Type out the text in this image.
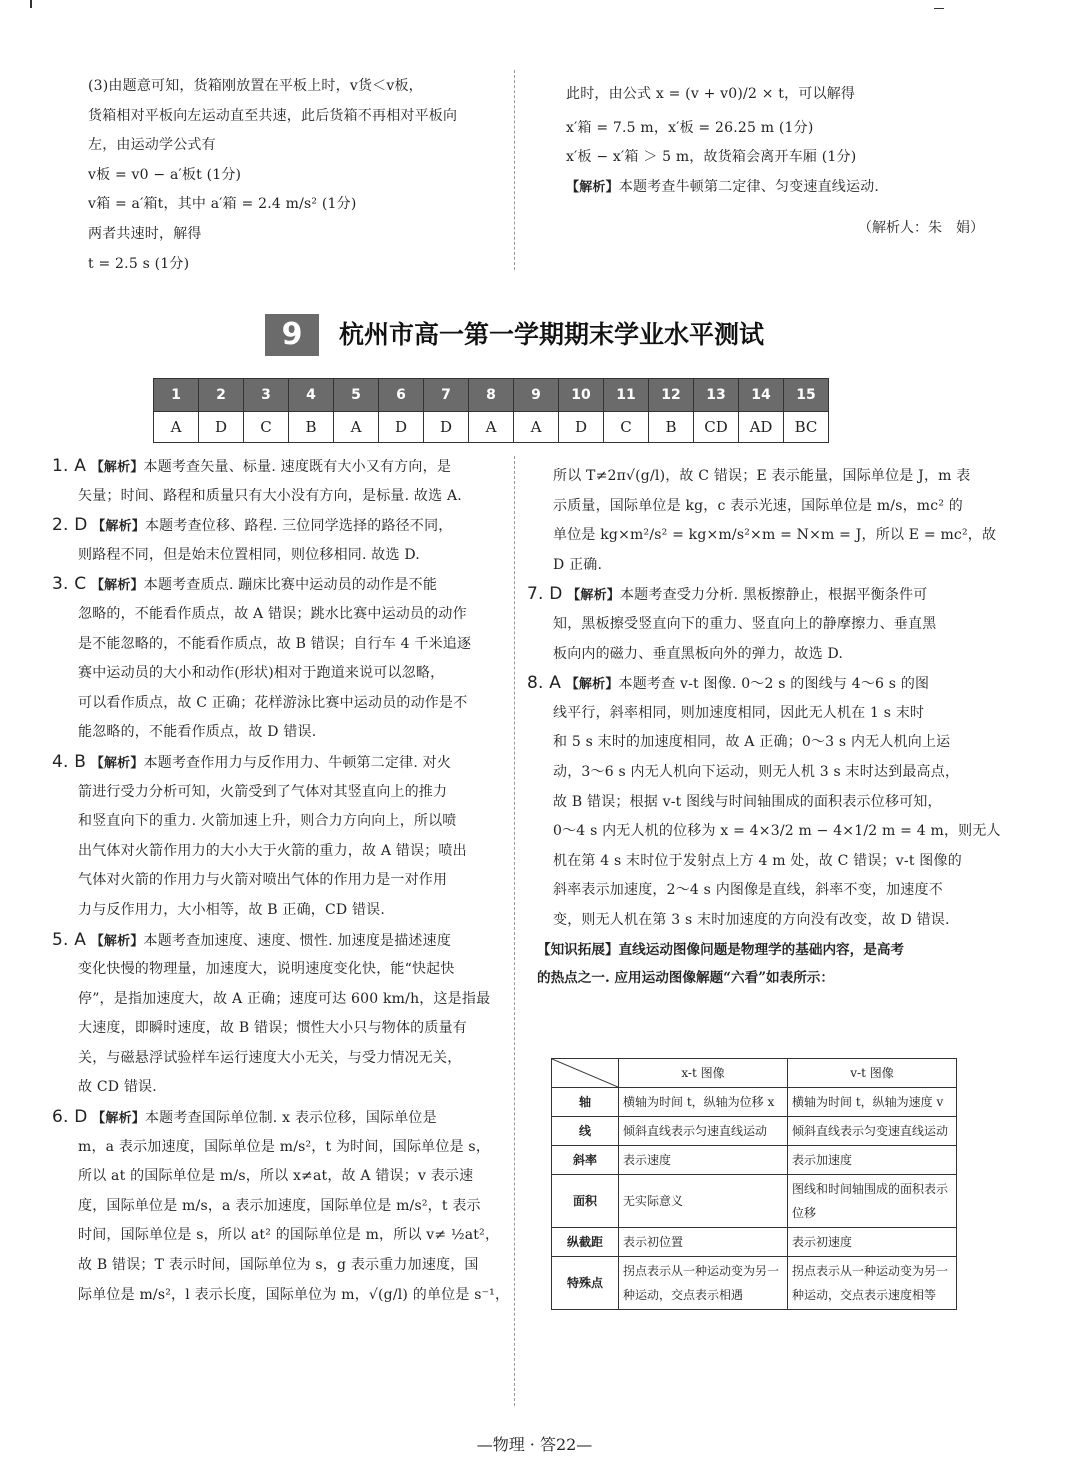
(3)由题意可知，货箱刚放置在平板上时，v货＜v板，
货箱相对平板向左运动直至共速，此后货箱不再相对平板向
左，由运动学公式有
v板 = v0 − a′板t (1分)
v箱 = a′箱t，其中 a′箱 = 2.4 m/s² (1分)
两者共速时，解得
t = 2.5 s (1分)
此时，由公式 x = (v + v0)/2 × t，可以解得
x′箱 = 7.5 m，x′板 = 26.25 m (1分)
x′板 − x′箱 ＞ 5 m，故货箱会离开车厢 (1分)
【解析】本题考查牛顿第二定律、匀变速直线运动.
（解析人：朱　娟）
9	杭州市高一第一学期期末学业水平测试
1	2	3	4	5	6	7	8	9	10	11	12	13	14	15
A	D	C	B	A	D	D	A	A	D	C	B	CD	AD	BC
1. A 【解析】本题考查矢量、标量. 速度既有大小又有方向，是
矢量；时间、路程和质量只有大小没有方向，是标量. 故选 A.
2. D 【解析】本题考查位移、路程. 三位同学选择的路径不同，
则路程不同，但是始末位置相同，则位移相同. 故选 D.
3. C 【解析】本题考查质点. 蹦床比赛中运动员的动作是不能
忽略的，不能看作质点，故 A 错误；跳水比赛中运动员的动作
是不能忽略的，不能看作质点，故 B 错误；自行车 4 千米追逐
赛中运动员的大小和动作(形状)相对于跑道来说可以忽略，
可以看作质点，故 C 正确；花样游泳比赛中运动员的动作是不
能忽略的，不能看作质点，故 D 错误.
4. B 【解析】本题考查作用力与反作用力、牛顿第二定律. 对火
箭进行受力分析可知，火箭受到了气体对其竖直向上的推力
和竖直向下的重力. 火箭加速上升，则合力方向向上，所以喷
出气体对火箭作用力的大小大于火箭的重力，故 A 错误；喷出
气体对火箭的作用力与火箭对喷出气体的作用力是一对作用
力与反作用力，大小相等，故 B 正确，CD 错误.
5. A 【解析】本题考查加速度、速度、惯性. 加速度是描述速度
变化快慢的物理量，加速度大，说明速度变化快，能“快起快
停”，是指加速度大，故 A 正确；速度可达 600 km/h，这是指最
大速度，即瞬时速度，故 B 错误；惯性大小只与物体的质量有
关，与磁悬浮试验样车运行速度大小无关，与受力情况无关，
故 CD 错误.
6. D 【解析】本题考查国际单位制. x 表示位移，国际单位是
m，a 表示加速度，国际单位是 m/s²，t 为时间，国际单位是 s，
所以 at 的国际单位是 m/s，所以 x≠at，故 A 错误；v 表示速
度，国际单位是 m/s，a 表示加速度，国际单位是 m/s²，t 表示
时间，国际单位是 s，所以 at² 的国际单位是 m，所以 v≠ ½at²，
故 B 错误；T 表示时间，国际单位为 s，g 表示重力加速度，国
际单位是 m/s²，l 表示长度，国际单位为 m，√(g/l) 的单位是 s⁻¹，
所以 T≠2π√(g/l)，故 C 错误；E 表示能量，国际单位是 J，m 表
示质量，国际单位是 kg，c 表示光速，国际单位是 m/s，mc² 的
单位是 kg×m²/s² = kg×m/s²×m = N×m = J，所以 E = mc²，故
D 正确.
7. D 【解析】本题考查受力分析. 黑板擦静止，根据平衡条件可
知，黑板擦受竖直向下的重力、竖直向上的静摩擦力、垂直黑
板向内的磁力、垂直黑板向外的弹力，故选 D.
8. A 【解析】本题考查 v-t 图像. 0～2 s 的图线与 4～6 s 的图
线平行，斜率相同，则加速度相同，因此无人机在 1 s 末时
和 5 s 末时的加速度相同，故 A 正确；0～3 s 内无人机向上运
动，3～6 s 内无人机向下运动，则无人机 3 s 末时达到最高点，
故 B 错误；根据 v-t 图线与时间轴围成的面积表示位移可知，
0～4 s 内无人机的位移为 x = 4×3/2 m − 4×1/2 m = 4 m，则无人
机在第 4 s 末时位于发射点上方 4 m 处，故 C 错误；v-t 图像的
斜率表示加速度，2～4 s 内图像是直线，斜率不变，加速度不
变，则无人机在第 3 s 末时加速度的方向没有改变，故 D 错误.
【知识拓展】直线运动图像问题是物理学的基础内容，是高考
的热点之一. 应用运动图像解题“六看”如表所示：
	x-t 图像	v-t 图像
轴	横轴为时间 t，纵轴为位移 x	横轴为时间 t，纵轴为速度 v
线	倾斜直线表示匀速直线运动	倾斜直线表示匀变速直线运动
斜率	表示速度	表示加速度
面积	无实际意义	图线和时间轴围成的面积表示位移
纵截距	表示初位置	表示初速度
特殊点	拐点表示从一种运动变为另一种运动，交点表示相遇	拐点表示从一种运动变为另一种运动，交点表示速度相等
—物理 · 答22—
